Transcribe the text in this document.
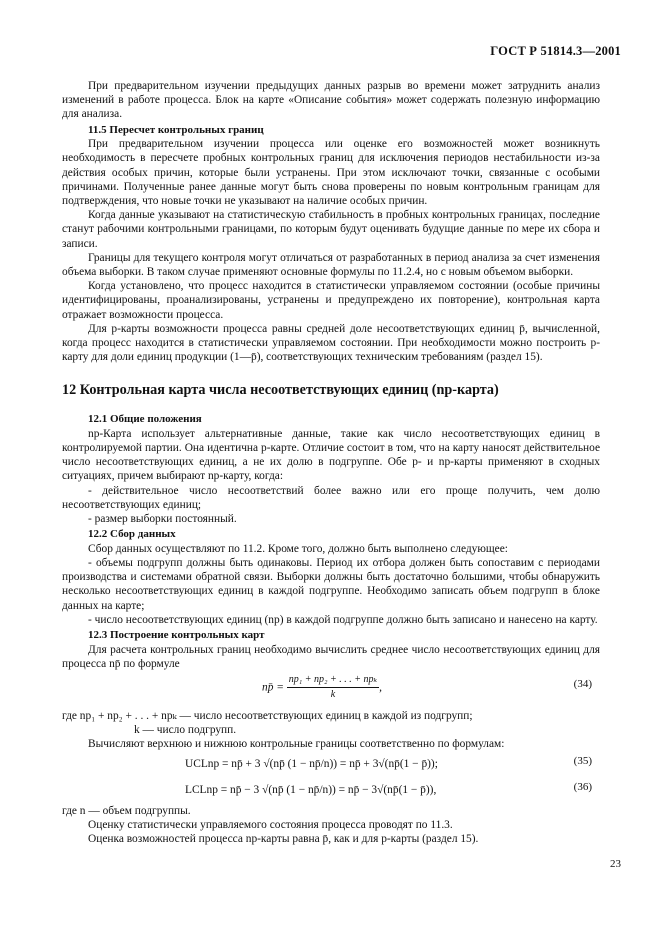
ГОСТ Р 51814.3—2001

При предварительном изучении предыдущих данных разрыв во времени может затруднить анализ изменений в работе процесса. Блок на карте «Описание события» может содержать полезную информацию для анализа.

11.5 Пересчет контрольных границ

При предварительном изучении процесса или оценке его возможностей может возникнуть необходимость в пересчете пробных контрольных границ для исключения периодов нестабильности из-за действия особых причин, которые были устранены. При этом исключают точки, связанные с особыми причинами. Полученные ранее данные могут быть снова проверены по новым контрольным границам для подтверждения, что новые точки не указывают на наличие особых причин.

Когда данные указывают на статистическую стабильность в пробных контрольных границах, последние станут рабочими контрольными границами, по которым будут оценивать будущие данные по мере их сбора и записи.

Границы для текущего контроля могут отличаться от разработанных в период анализа за счет изменения объема выборки. В таком случае применяют основные формулы по 11.2.4, но с новым объемом выборки.

Когда установлено, что процесс находится в статистически управляемом состоянии (особые причины идентифицированы, проанализированы, устранены и предупреждено их повторение), контрольная карта отражает возможности процесса.

Для р-карты возможности процесса равны средней доле несоответствующих единиц p̄, вычисленной, когда процесс находится в статистически управляемом состоянии. При необходимости можно построить р-карту для доли единиц продукции (1—p̄), соответствующих техническим требованиям (раздел 15).

12 Контрольная карта числа несоответствующих единиц (np-карта)
12.1 Общие положения

np-Карта использует альтернативные данные, такие как число несоответствующих единиц в контролируемой партии. Она идентична р-карте. Отличие состоит в том, что на карту наносят действительное число несоответствующих единиц, а не их долю в подгруппе. Обе р- и np-карты применяют в сходных ситуациях, причем выбирают np-карту, когда:

- действительное число несоответствий более важно или его проще получить, чем долю несоответствующих единиц;

- размер выборки постоянный.

12.2 Сбор данных

Сбор данных осуществляют по 11.2. Кроме того, должно быть выполнено следующее:

- объемы подгрупп должны быть одинаковы. Период их отбора должен быть сопоставим с периодами производства и системами обратной связи. Выборки должны быть достаточно большими, чтобы обнаружить несколько несоответствующих единиц в каждой подгруппе. Необходимо записать объем подгрупп в блоке данных на карте;

- число несоответствующих единиц (np) в каждой подгруппе должно быть записано и нанесено на карту.

12.3 Построение контрольных карт

Для расчета контрольных границ необходимо вычислить среднее число несоответствующих единиц для процесса np̄ по формуле

np̄ = $\frac{\text{np₁ + np₂ + . . . + npₖ}}{k}$ ,	(34)

где np₁ + np₂ + . . . + npₖ — число несоответствующих единиц в каждой из подгрупп;

k — число подгрупп.

Вычисляют верхнюю и нижнюю контрольные границы соответственно по формулам:

UCLnp = np̄ + 3 √(np̄ (1 − np̄/n)) = np̄ + 3√(np̄(1 − p̄));	(35)
LCLnp = np̄ − 3 √(np̄ (1 − np̄/n)) = np̄ − 3√(np̄(1 − p̄)),	(36)

где n — объем подгруппы.

Оценку статистически управляемого состояния процесса проводят по 11.3.

Оценка возможностей процесса np-карты равна p̄, как и для р-карты (раздел 15).

23
